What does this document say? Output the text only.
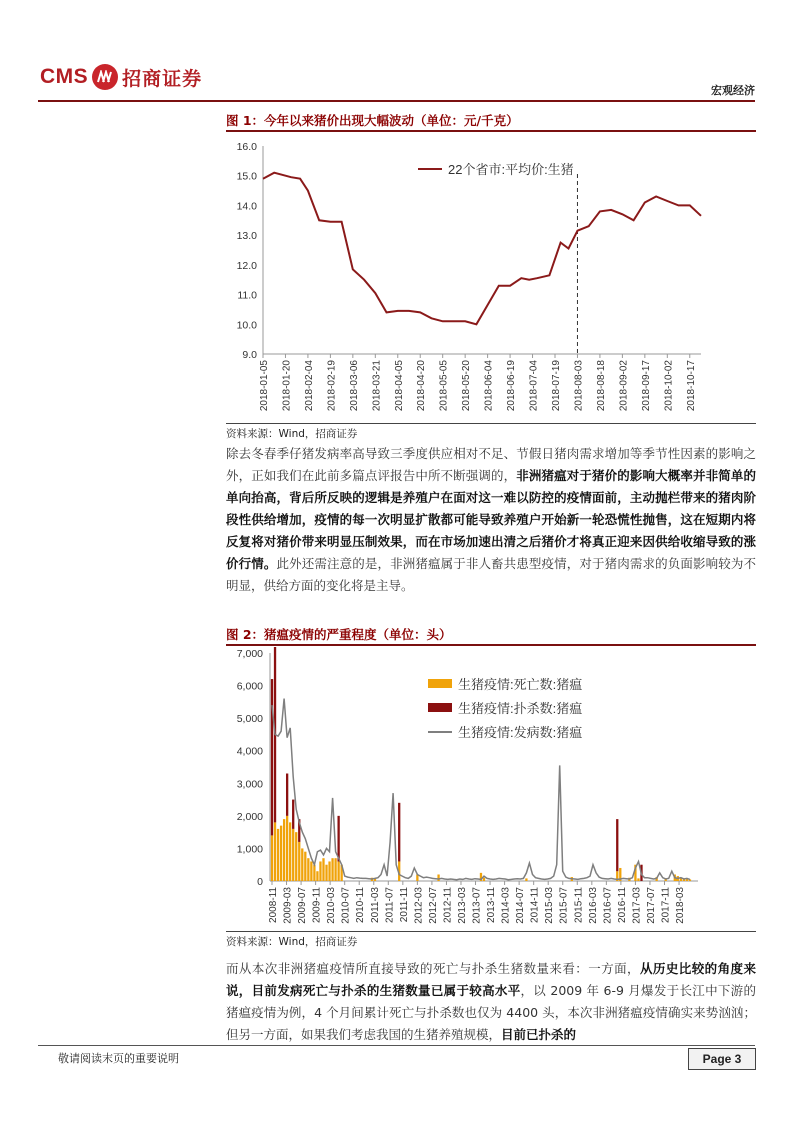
CMS 招商证券
宏观经济
图 1：今年以来猪价出现大幅波动（单位：元/千克）
16.0
15.0
14.0
13.0
12.0
11.0
10.0
9.0
2018-01-05 2018-01-20 2018-02-04 2018-02-19 2018-03-06 2018-03-21 2018-04-05 2018-04-20 2018-05-05 2018-05-20 2018-06-04 2018-06-19 2018-07-04 2018-07-19 2018-08-03 2018-08-18 2018-09-02 2018-09-17 2018-10-02 2018-10-17
22个省市:平均价:生猪
资料来源：Wind，招商证券
除去冬春季仔猪发病率高导致三季度供应相对不足、节假日猪肉需求增加等季节性因素的影响之外，正如我们在此前多篇点评报告中所不断强调的，非洲猪瘟对于猪价的影响大概率并非简单的单向抬高，背后所反映的逻辑是养殖户在面对这一难以防控的疫情面前，主动抛栏带来的猪肉阶段性供给增加，疫情的每一次明显扩散都可能导致养殖户开始新一轮恐慌性抛售，这在短期内将反复将对猪价带来明显压制效果，而在市场加速出清之后猪价才将真正迎来因供给收缩导致的涨价行情。此外还需注意的是，非洲猪瘟属于非人畜共患型疫情，对于猪肉需求的负面影响较为不明显，供给方面的变化将是主导。
图 2：猪瘟疫情的严重程度（单位：头）
7,000
6,000
5,000
4,000
3,000
2,000
1,000
0
2008-11 2009-03 2009-07 2009-11 2010-03 2010-07 2010-11 2011-03 2011-07 2011-11 2012-03 2012-07 2012-11 2013-03 2013-07 2013-11 2014-03 2014-07 2014-11 2015-03 2015-07 2015-11 2016-03 2016-07 2016-11 2017-03 2017-07 2017-11 2018-03
生猪疫情:死亡数:猪瘟
生猪疫情:扑杀数:猪瘟
生猪疫情:发病数:猪瘟
资料来源：Wind，招商证券
而从本次非洲猪瘟疫情所直接导致的死亡与扑杀生猪数量来看：一方面，从历史比较的角度来说，目前发病死亡与扑杀的生猪数量已属于较高水平，以 2009 年 6-9 月爆发于长江中下游的猪瘟疫情为例，4 个月间累计死亡与扑杀数也仅为 4400 头，本次非洲猪瘟疫情确实来势汹汹；但另一方面，如果我们考虑我国的生猪养殖规模，目前已扑杀的
敬请阅读末页的重要说明	Page 3
